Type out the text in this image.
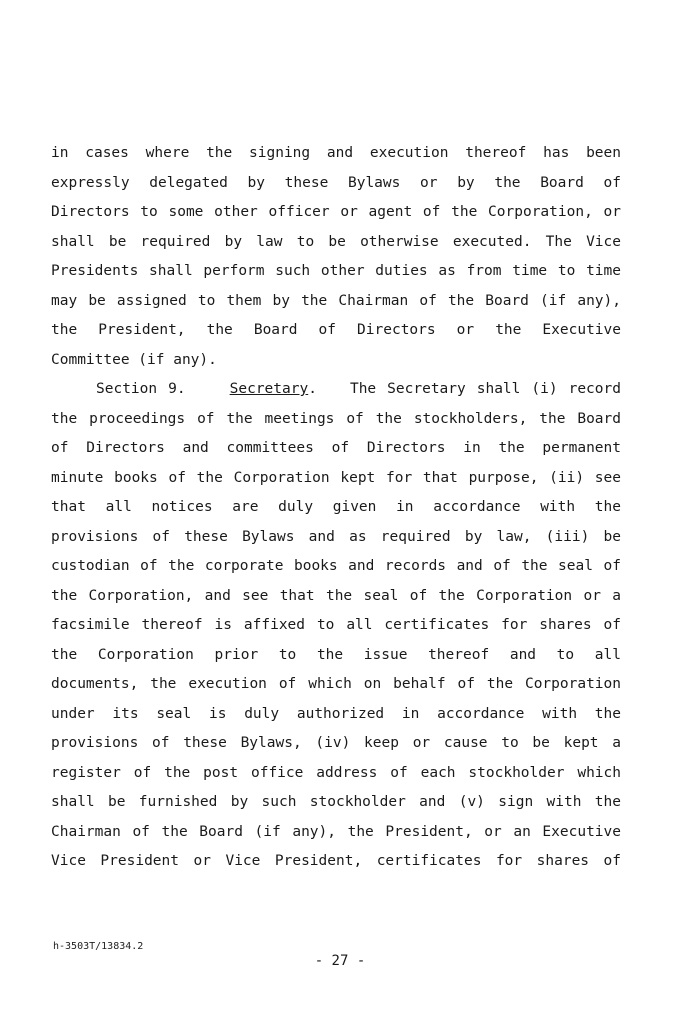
in cases where the signing and execution thereof has been
expressly delegated by these Bylaws or by the Board of
Directors to some other officer or agent of the Corporation, or
shall be required by law to be otherwise executed. The Vice
Presidents shall perform such other duties as from time to time
may be assigned to them by the Chairman of the Board (if any),
the President, the Board of Directors or the Executive
Committee (if any).
Section 9.	Secretary. The Secretary shall (i) record
the proceedings of the meetings of the stockholders, the Board
of Directors and committees of Directors in the permanent
minute books of the Corporation kept for that purpose, (ii) see
that all notices are duly given in accordance with the
provisions of these Bylaws and as required by law, (iii) be
custodian of the corporate books and records and of the seal of
the Corporation, and see that the seal of the Corporation or a
facsimile thereof is affixed to all certificates for shares of
the Corporation prior to the issue thereof and to all
documents, the execution of which on behalf of the Corporation
under its seal is duly authorized in accordance with the
provisions of these Bylaws, (iv) keep or cause to be kept a
register of the post office address of each stockholder which
shall be furnished by such stockholder and (v) sign with the
Chairman of the Board (if any), the President, or an Executive
Vice President or Vice President, certificates for shares of
h-3503T/13834.2
- 27 -
